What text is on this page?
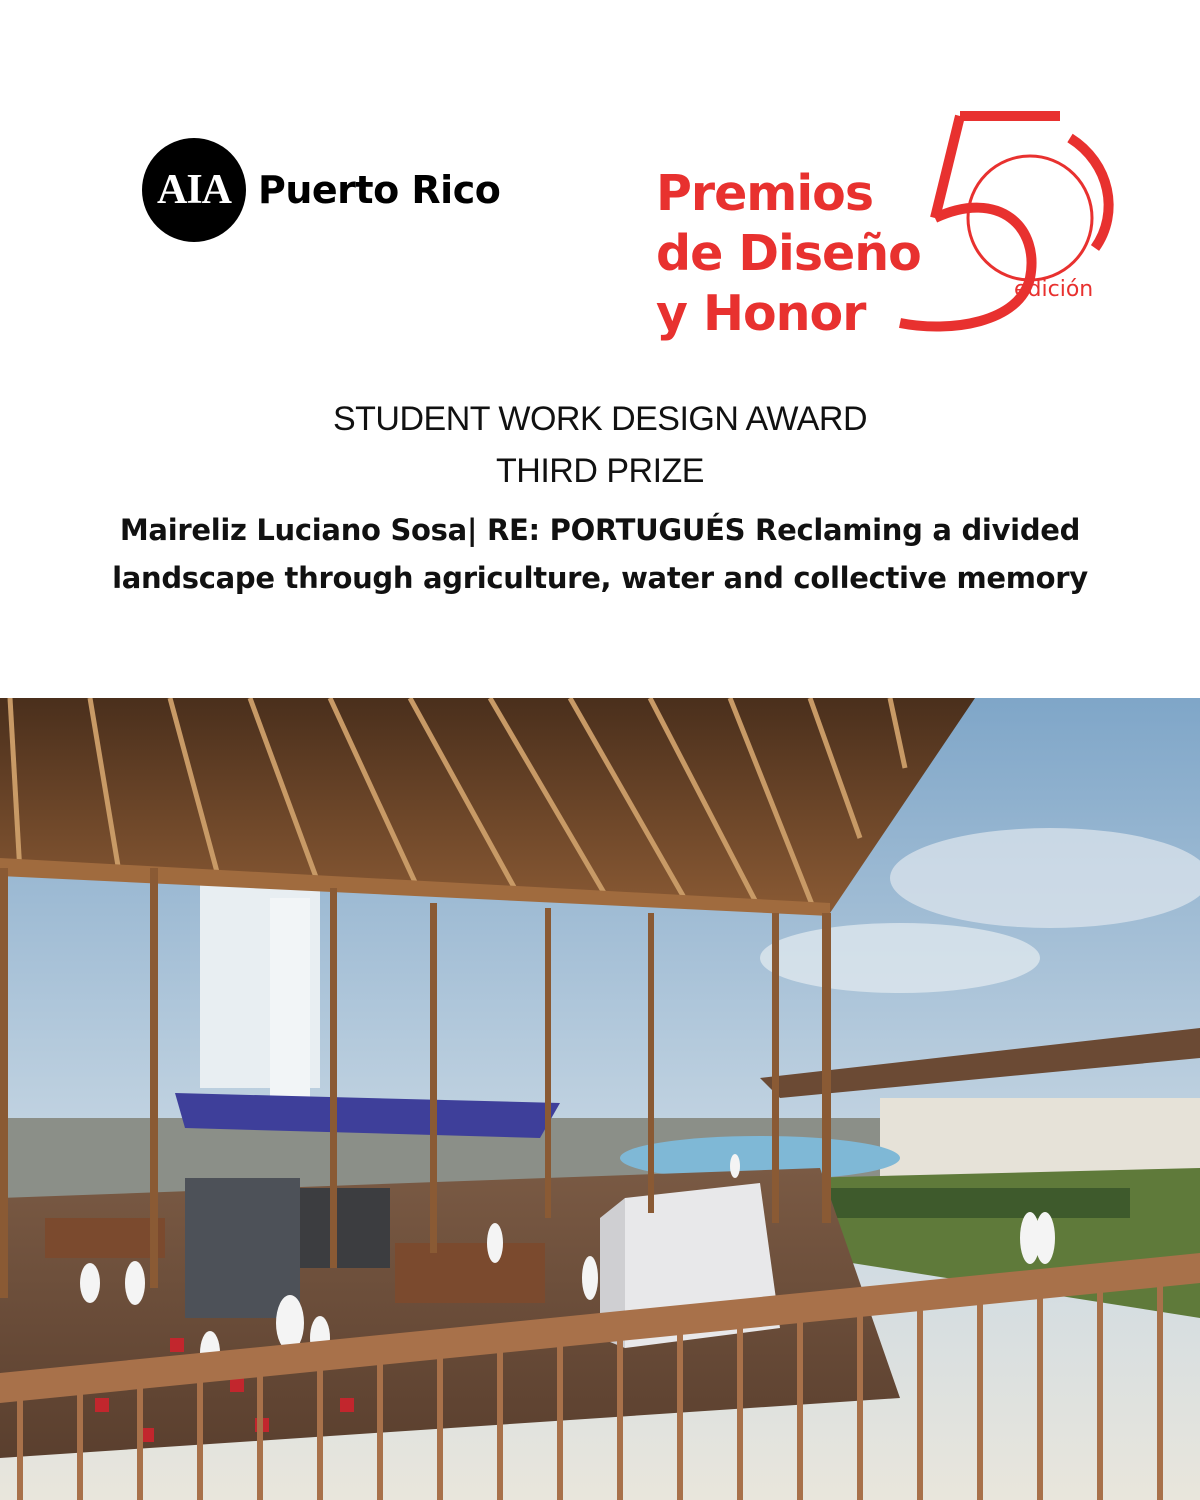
AIA Puerto Rico	Premios
de Diseño
y Honor	edición
STUDENT WORK DESIGN AWARD
THIRD PRIZE
Maireliz Luciano Sosa| RE: PORTUGUÉS Reclaming a divided landscape through agriculture, water and collective memory
